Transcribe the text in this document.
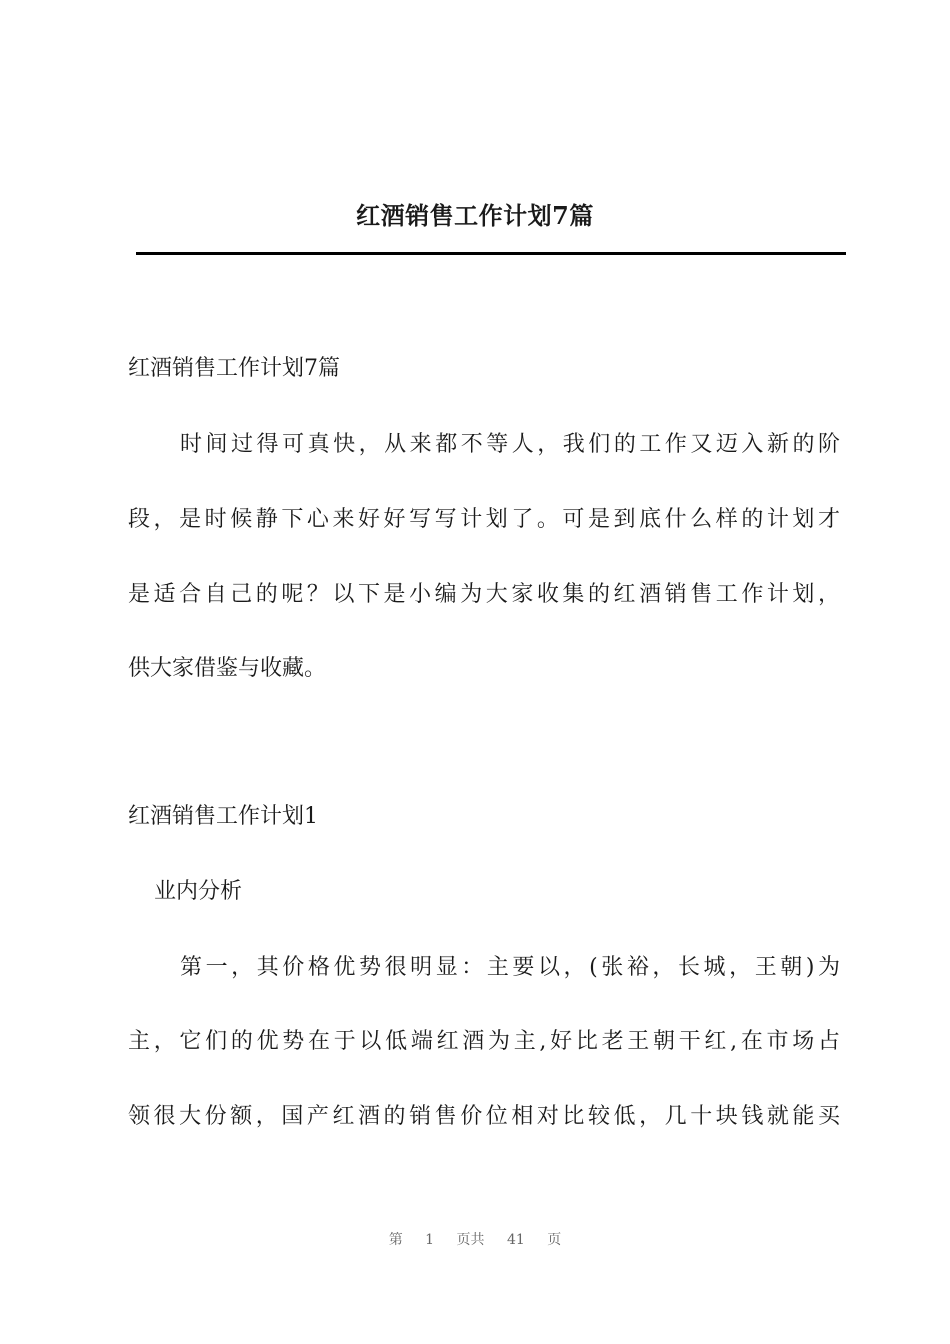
红酒销售工作计划7篇
红酒销售工作计划7篇
时间过得可真快，从来都不等人，我们的工作又迈入新的阶
段，是时候静下心来好好写写计划了。可是到底什么样的计划才
是适合自己的呢？以下是小编为大家收集的红酒销售工作计划，
供大家借鉴与收藏。
红酒销售工作计划1
业内分析
第一，其价格优势很明显：主要以，(张裕，长城，王朝)为
主，它们的优势在于以低端红酒为主,好比老王朝干红,在市场占
领很大份额，国产红酒的销售价位相对比较低，几十块钱就能买
第 1 页共 41 页
